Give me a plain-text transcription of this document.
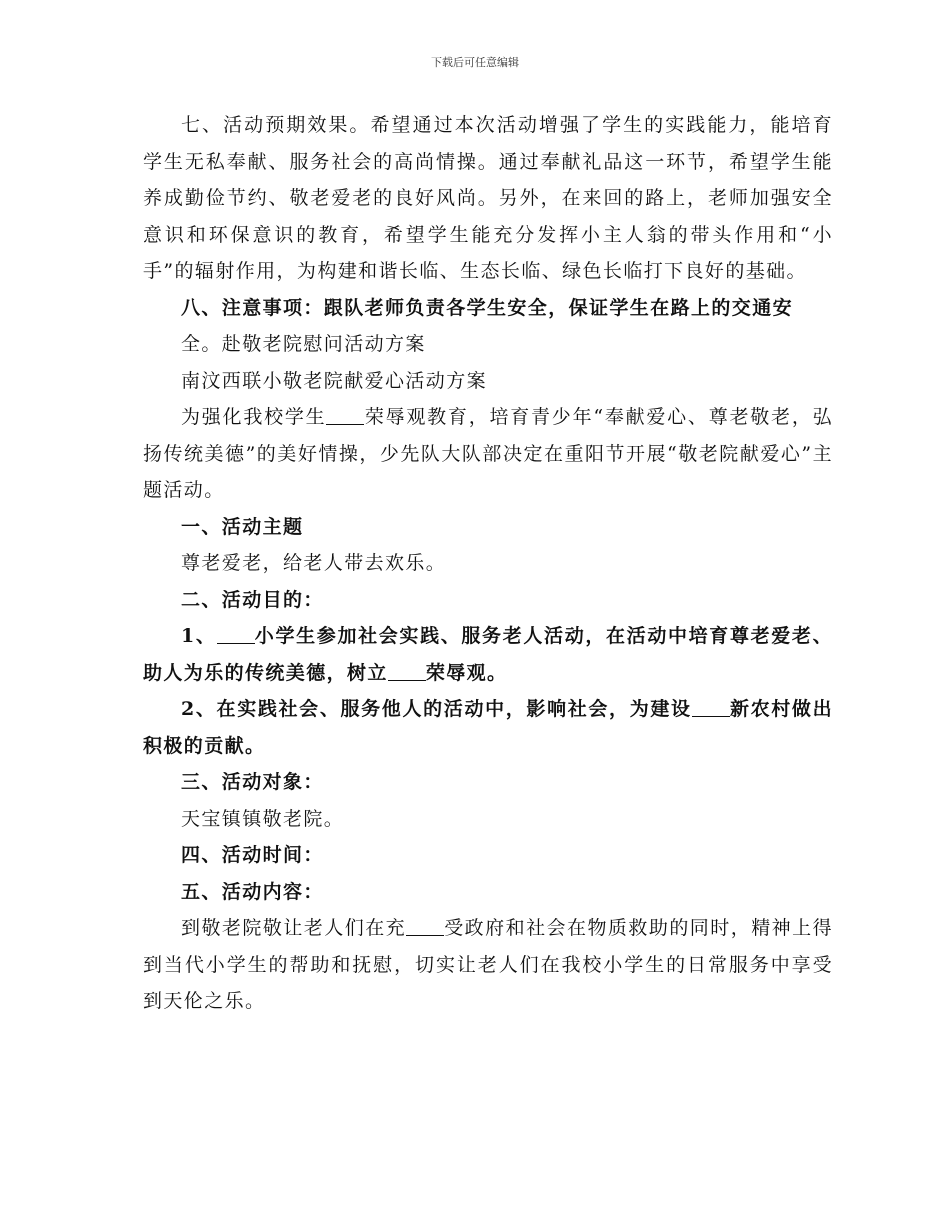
下载后可任意编辑

七、活动预期效果。希望通过本次活动增强了学生的实践能力，能培育学生无私奉献、服务社会的高尚情操。通过奉献礼品这一环节，希望学生能养成勤俭节约、敬老爱老的良好风尚。另外，在来回的路上，老师加强安全意识和环保意识的教育，希望学生能充分发挥小主人翁的带头作用和“小手”的辐射作用，为构建和谐长临、生态长临、绿色长临打下良好的基础。

八、注意事项：跟队老师负责各学生安全，保证学生在路上的交通安

全。赴敬老院慰问活动方案

南汶西联小敬老院献爱心活动方案

为强化我校学生 荣辱观教育，培育青少年“奉献爱心、尊老敬老，弘扬传统美德”的美好情操，少先队大队部决定在重阳节开展“敬老院献爱心”主题活动。

一、活动主题

尊老爱老，给老人带去欢乐。

二、活动目的：

1、 小学生参加社会实践、服务老人活动，在活动中培育尊老爱老、助人为乐的传统美德，树立 荣辱观。

2、在实践社会、服务他人的活动中，影响社会，为建设 新农村做出积极的贡献。

三、活动对象：

天宝镇镇敬老院。

四、活动时间：

五、活动内容：

到敬老院敬让老人们在充 受政府和社会在物质救助的同时，精神上得到当代小学生的帮助和抚慰，切实让老人们在我校小学生的日常服务中享受到天伦之乐。
